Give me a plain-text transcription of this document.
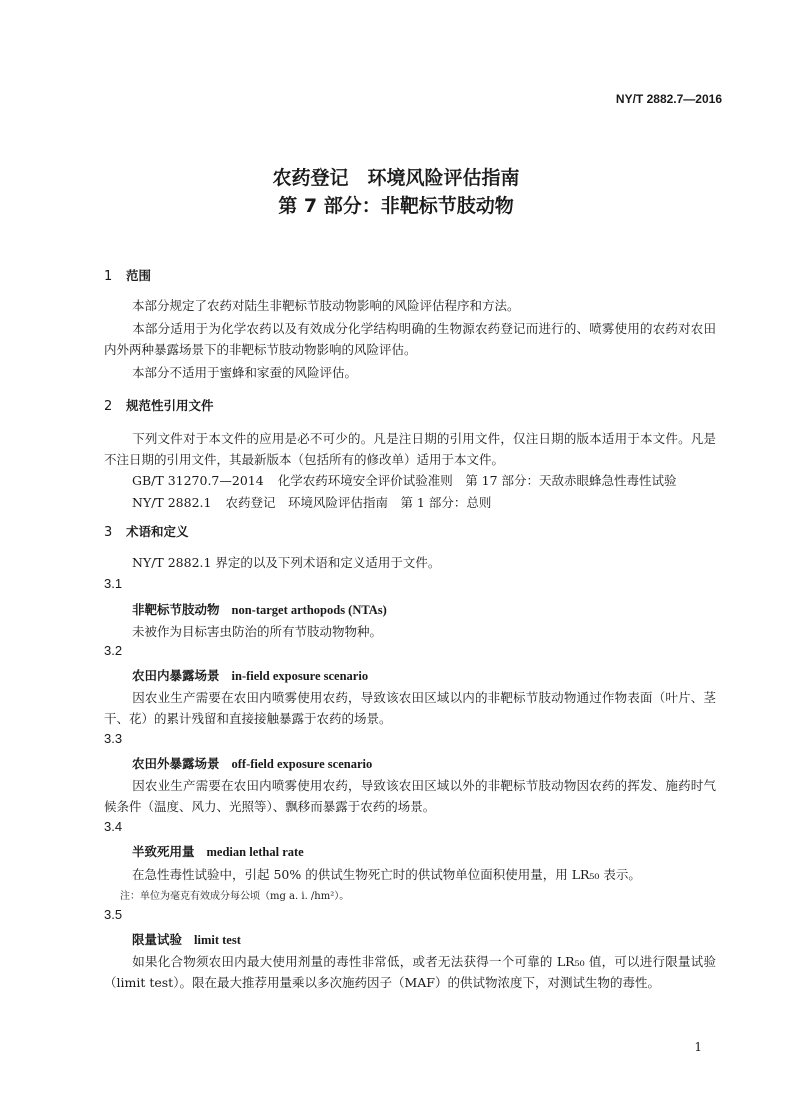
NY/T 2882.7—2016
农药登记　环境风险评估指南
第 7 部分：非靶标节肢动物
1 范围
本部分规定了农药对陆生非靶标节肢动物影响的风险评估程序和方法。
本部分适用于为化学农药以及有效成分化学结构明确的生物源农药登记而进行的、喷雾使用的农药对农田内外两种暴露场景下的非靶标节肢动物影响的风险评估。
本部分不适用于蜜蜂和家蚕的风险评估。
2 规范性引用文件
下列文件对于本文件的应用是必不可少的。凡是注日期的引用文件，仅注日期的版本适用于本文件。凡是不注日期的引用文件，其最新版本（包括所有的修改单）适用于本文件。
GB/T 31270.7—2014 化学农药环境安全评价试验准则　第 17 部分：天敌赤眼蜂急性毒性试验
NY/T 2882.1 农药登记　环境风险评估指南　第 1 部分：总则
3 术语和定义
NY/T 2882.1 界定的以及下列术语和定义适用于文件。
3.1
非靶标节肢动物 non-target arthopods (NTAs)
未被作为目标害虫防治的所有节肢动物物种。
3.2
农田内暴露场景 in-field exposure scenario
因农业生产需要在农田内喷雾使用农药，导致该农田区域以内的非靶标节肢动物通过作物表面（叶片、茎干、花）的累计残留和直接接触暴露于农药的场景。
3.3
农田外暴露场景 off-field exposure scenario
因农业生产需要在农田内喷雾使用农药，导致该农田区域以外的非靶标节肢动物因农药的挥发、施药时气候条件（温度、风力、光照等）、飘移而暴露于农药的场景。
3.4
半致死用量 median lethal rate
在急性毒性试验中，引起 50% 的供试生物死亡时的供试物单位面积使用量，用 LR₅₀ 表示。
注：单位为毫克有效成分每公顷（mg a. i. /hm²）。
3.5
限量试验 limit test
如果化合物须农田内最大使用剂量的毒性非常低，或者无法获得一个可靠的 LR₅₀ 值，可以进行限量试验（limit test）。限在最大推荐用量乘以多次施药因子（MAF）的供试物浓度下，对测试生物的毒性。
1
